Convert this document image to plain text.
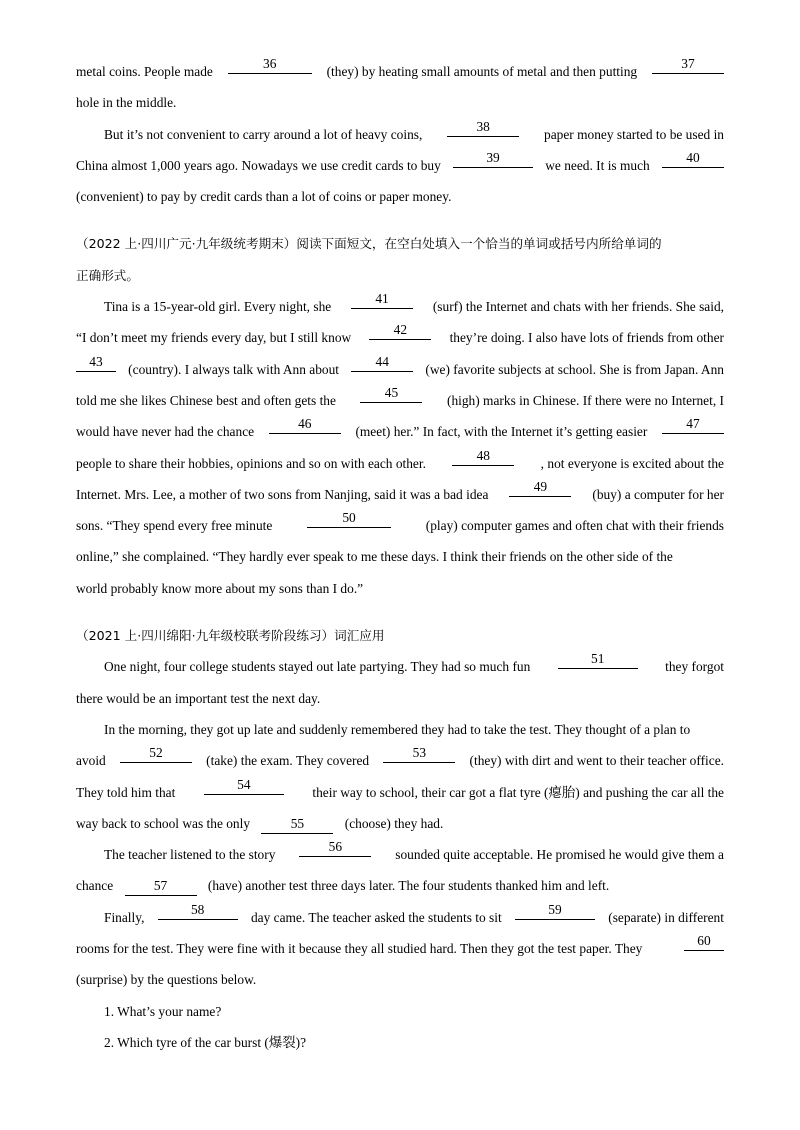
metal coins. People made
36
(they) by heating small amounts of metal and then putting
37
hole in the middle.
But it’s not convenient to carry around a lot of heavy coins,
38
paper money started to be used in
China almost 1,000 years ago. Nowadays we use credit cards to buy
39
we need. It is much
40
(convenient) to pay by credit cards than a lot of coins or paper money.
（2022 上·四川广元·九年级统考期末）阅读下面短文，在空白处填入一个恰当的单词或括号内所给单词的
正确形式。
Tina is a 15-year-old girl. Every night, she
41
(surf) the Internet and chats with her friends. She said,
“I don’t meet my friends every day, but I still know
42
they’re doing. I also have lots of friends from other
43
(country). I always talk with Ann about
44
(we) favorite subjects at school. She is from Japan. Ann
told me she likes Chinese best and often gets the
45
(high) marks in Chinese. If there were no Internet, I
would have never had the chance
46
(meet) her.” In fact, with the Internet it’s getting easier
47
people to share their hobbies, opinions and so on with each other.
48
, not everyone is excited about the
Internet. Mrs. Lee, a mother of two sons from Nanjing, said it was a bad idea
49
(buy) a computer for her
sons. “They spend every free minute
50
(play) computer games and often chat with their friends
online,” she complained. “They hardly ever speak to me these days. I think their friends on the other side of the
world probably know more about my sons than I do.”
（2021 上·四川绵阳·九年级校联考阶段练习）词汇应用
One night, four college students stayed out late partying. They had so much fun
51
they forgot
there would be an important test the next day.
In the morning, they got up late and suddenly remembered they had to take the test. They thought of a plan to
avoid
52
(take) the exam. They covered
53
(they) with dirt and went to their teacher office.
They told him that
54
their way to school, their car got a flat tyre (瘪胎) and pushing the car all the
way back to school was the only	55	(choose) they had.
The teacher listened to the story
56
sounded quite acceptable. He promised he would give them a
chance	57	(have) another test three days later. The four students thanked him and left.
Finally,
58
day came. The teacher asked the students to sit
59
(separate) in different
rooms for the test. They were fine with it because they all studied hard. Then they got the test paper. They
60
(surprise) by the questions below.
1. What’s your name?
2. Which tyre of the car burst (爆裂)?
